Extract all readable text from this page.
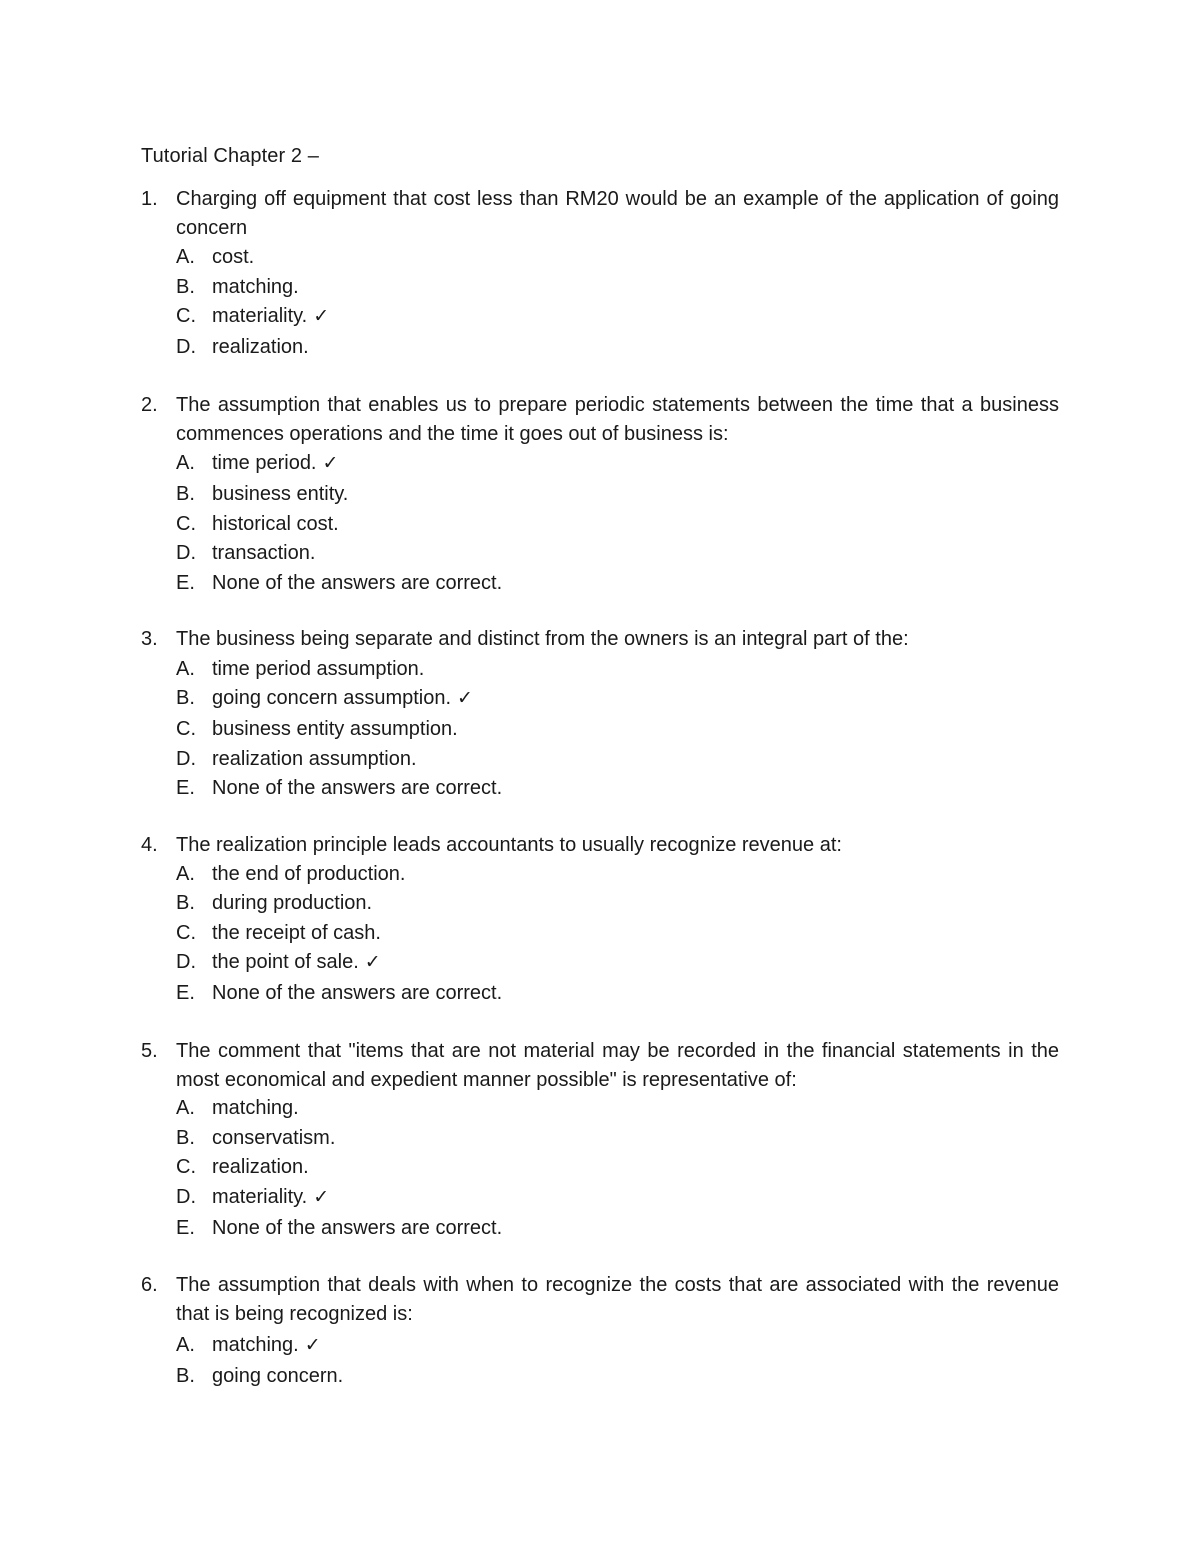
Tutorial Chapter 2 –
1. Charging off equipment that cost less than RM20 would be an example of the application of going concern
A. cost.
B. matching.
C. materiality. ✓
D. realization.
2. The assumption that enables us to prepare periodic statements between the time that a business commences operations and the time it goes out of business is:
A. time period. ✓
B. business entity.
C. historical cost.
D. transaction.
E. None of the answers are correct.
3. The business being separate and distinct from the owners is an integral part of the:
A. time period assumption.
B. going concern assumption. ✓
C. business entity assumption.
D. realization assumption.
E. None of the answers are correct.
4. The realization principle leads accountants to usually recognize revenue at:
A. the end of production.
B. during production.
C. the receipt of cash.
D. the point of sale. ✓
E. None of the answers are correct.
5. The comment that "items that are not material may be recorded in the financial statements in the most economical and expedient manner possible" is representative of:
A. matching.
B. conservatism.
C. realization.
D. materiality. ✓
E. None of the answers are correct.
6. The assumption that deals with when to recognize the costs that are associated with the revenue that is being recognized is:
A. matching. ✓
B. going concern.
